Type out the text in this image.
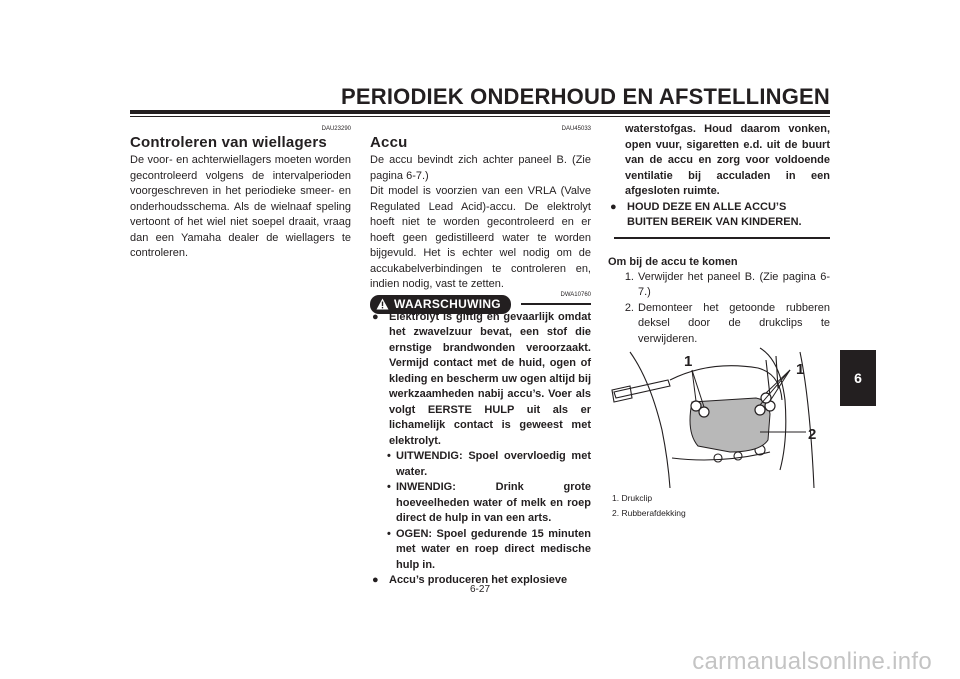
PERIODIEK ONDERHOUD EN AFSTELLINGEN
6
DAU23290
Controleren van wiellagers

De voor- en achterwiellagers moeten worden gecontroleerd volgens de intervalperioden voorgeschreven in het periodieke smeer- en onderhoudsschema. Als de wielnaaf speling vertoont of het wiel niet soepel draait, vraag dan een Yamaha dealer de wiellagers te controleren.

DAU45033
Accu

De accu bevindt zich achter paneel B. (Zie pagina 6-7.)

Dit model is voorzien van een VRLA (Valve Regulated Lead Acid)-accu. De elektrolyt hoeft niet te worden gecontroleerd en er hoeft geen gedistilleerd water te worden bijgevuld. Het is echter wel nodig om de accukabelverbindingen te controleren en, indien nodig, vast te zetten.

WAARSCHUWING
DWA10760
● Elektrolyt is giftig en gevaarlijk omdat het zwavelzuur bevat, een stof die ernstige brandwonden veroorzaakt. Vermijd contact met de huid, ogen of kleding en bescherm uw ogen altijd bij werkzaamheden nabij accu’s. Voer als volgt EERSTE HULP uit als er lichamelijk contact is geweest met elektrolyt.
• UITWENDIG: Spoel overvloedig met water.
• INWENDIG: Drink grote hoeveelheden water of melk en roep direct de hulp in van een arts.
• OGEN: Spoel gedurende 15 minuten met water en roep direct medische hulp in.
● Accu’s produceren het explosieve
waterstofgas. Houd daarom vonken, open vuur, sigaretten e.d. uit de buurt van de accu en zorg voor voldoende ventilatie bij acculaden in een afgesloten ruimte.
● HOUD DEZE EN ALLE ACCU’S BUITEN BEREIK VAN KINDEREN.
Om bij de accu te komen
1. Verwijder het paneel B. (Zie pagina 6-7.)
2. Demonteer het getoonde rubberen deksel door de drukclips te verwijderen.
1	1
2
1. Drukclip
2. Rubberafdekking
6-27
carmanualsonline.info
